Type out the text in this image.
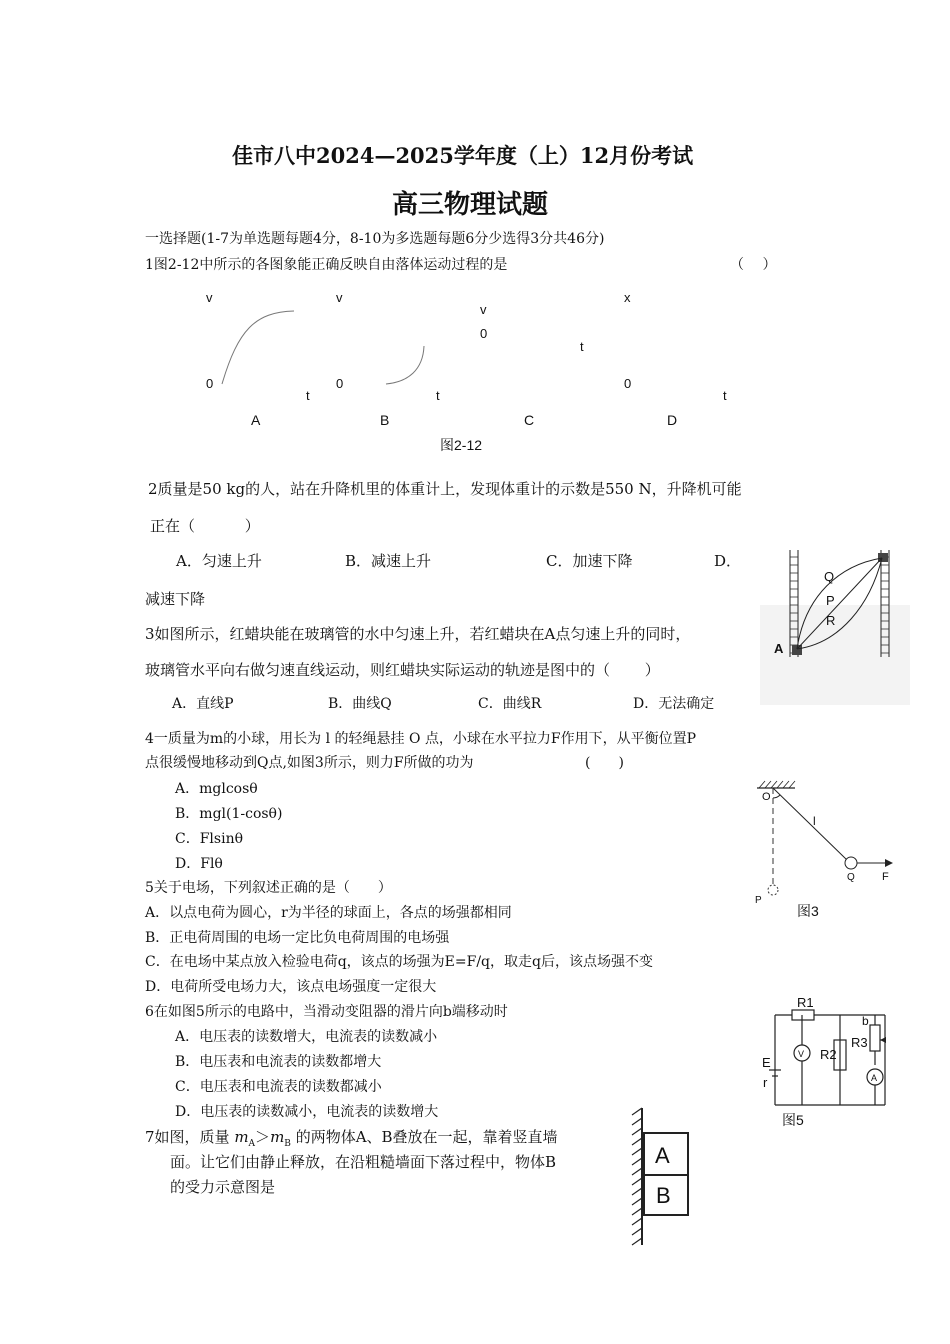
佳市八中2024—2025学年度（上）12月份考试
高三物理试题
一选择题(1-7为单选题每题4分，8-10为多选题每题6分少选得3分共46分)
1图2-12中所示的各图象能正确反映自由落体运动过程的是	（　 ）
v
0
t
A
v
0
t
B
v
0
t
C
x
0
t
D
图2-12
2质量是50 kg的人，站在升降机里的体重计上，发现体重计的示数是550 N，升降机可能
正在（　　　 ）
A．匀速上升	B．减速上升	C．加速下降	D．
减速下降
Q
P
R
A
3如图所示，红蜡块能在玻璃管的水中匀速上升，若红蜡块在A点匀速上升的同时，
玻璃管水平向右做匀速直线运动，则红蜡块实际运动的轨迹是图中的（　　 ）
A．直线P	B．曲线Q	C．曲线R	D．无法确定
4一质量为m的小球，用长为 l 的轻绳悬挂 O 点，小球在水平拉力F作用下，从平衡位置P
点很缓慢地移动到Q点,如图3所示，则力F所做的功为	(　　)
A．mglcosθ
B．mgl(1-cosθ)
C．Flsinθ
D．Flθ
O
l
Q F
P
图3
5关于电场，下列叙述正确的是（　　）
A．以点电荷为圆心，r为半径的球面上，各点的场强都相同
B．正电荷周围的电场一定比负电荷周围的电场强
C．在电场中某点放入检验电荷q，该点的场强为E=F/q，取走q后，该点场强不变
D．电荷所受电场力大，该点电场强度一定很大
6在如图5所示的电路中，当滑动变阻器的滑片向b端移动时
A．电压表的读数增大，电流表的读数减小
B．电压表和电流表的读数都增大
C．电压表和电流表的读数都减小
D．电压表的读数减小，电流表的读数增大
R1
R2
R3
b
V
A
E
r
图5
7如图，质量 $m_A>m_B$ 的两物体A、B叠放在一起，靠着竖直墙
面。让它们由静止释放，在沿粗糙墙面下落过程中，物体B
的受力示意图是
A
B
